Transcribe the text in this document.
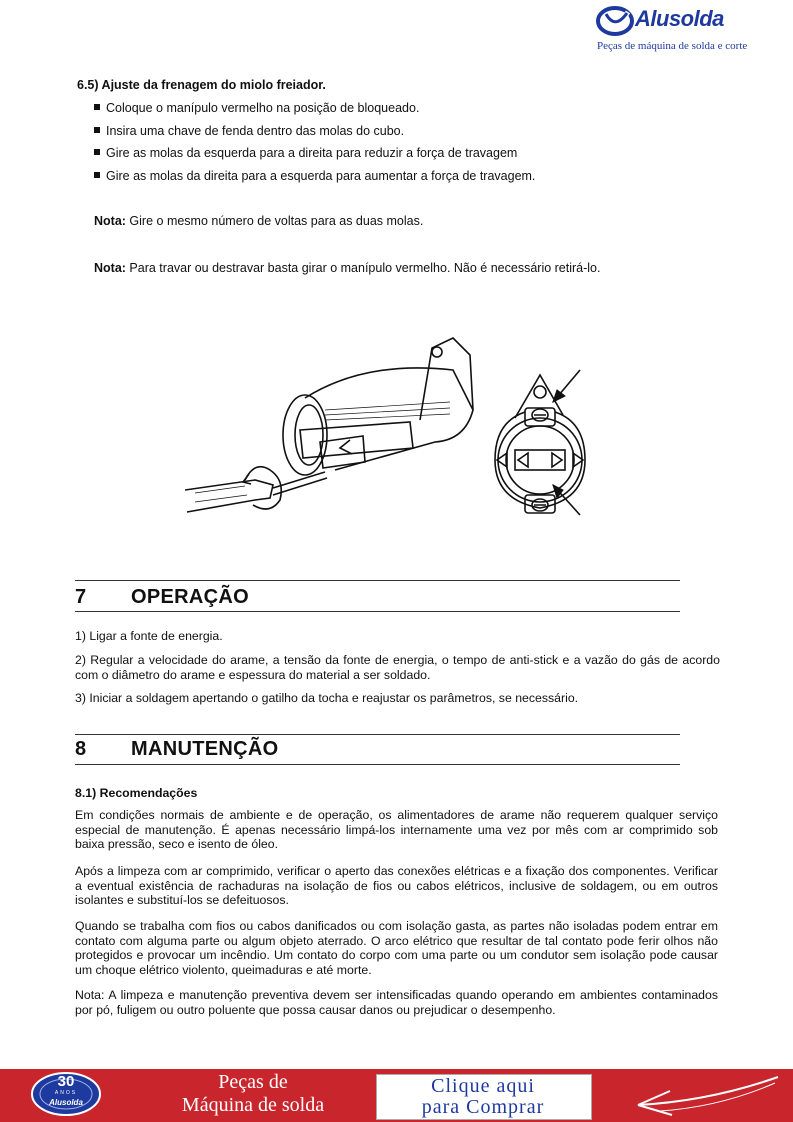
Alusolda
Peças de máquina de solda e corte
6.5) Ajuste da frenagem do miolo freiador.
Coloque o manípulo vermelho na posição de bloqueado.
Insira uma chave de fenda dentro das molas do cubo.
Gire as molas da esquerda para a direita para reduzir a força de travagem
Gire as molas da direita para a esquerda para aumentar a força de travagem.
Nota: Gire o mesmo número de voltas para as duas molas.
Nota: Para travar ou destravar basta girar o manípulo vermelho. Não é necessário retirá-lo.
7 OPERAÇÃO
1) Ligar a fonte de energia.
2) Regular a velocidade do arame, a tensão da fonte de energia, o tempo de anti-stick e a vazão do gás de acordo com o diâmetro do arame e espessura do material a ser soldado.
3) Iniciar a soldagem apertando o gatilho da tocha e reajustar os parâmetros, se necessário.
8 MANUTENÇÃO
8.1) Recomendações
Em condições normais de ambiente e de operação, os alimentadores de arame não requerem qualquer serviço especial de manutenção. É apenas necessário limpá-los internamente uma vez por mês com ar comprimido sob baixa pressão, seco e isento de óleo.
Após a limpeza com ar comprimido, verificar o aperto das conexões elétricas e a fixação dos componentes. Verificar a eventual existência de rachaduras na isolação de fios ou cabos elétricos, inclusive de soldagem, ou em outros isolantes e substituí-los se defeituosos.
Quando se trabalha com fios ou cabos danificados ou com isolação gasta, as partes não isoladas podem entrar em contato com alguma parte ou algum objeto aterrado. O arco elétrico que resultar de tal contato pode ferir olhos não protegidos e provocar um incêndio. Um contato do corpo com uma parte ou um condutor sem isolação pode causar um choque elétrico violento, queimaduras e até morte.
Nota: A limpeza e manutenção preventiva devem ser intensificadas quando operando em ambientes contaminados por pó, fuligem ou outro poluente que possa causar danos ou prejudicar o desempenho.
30
ANOS
Alusolda
Peças de
Máquina de solda
Clique aqui
para Comprar
